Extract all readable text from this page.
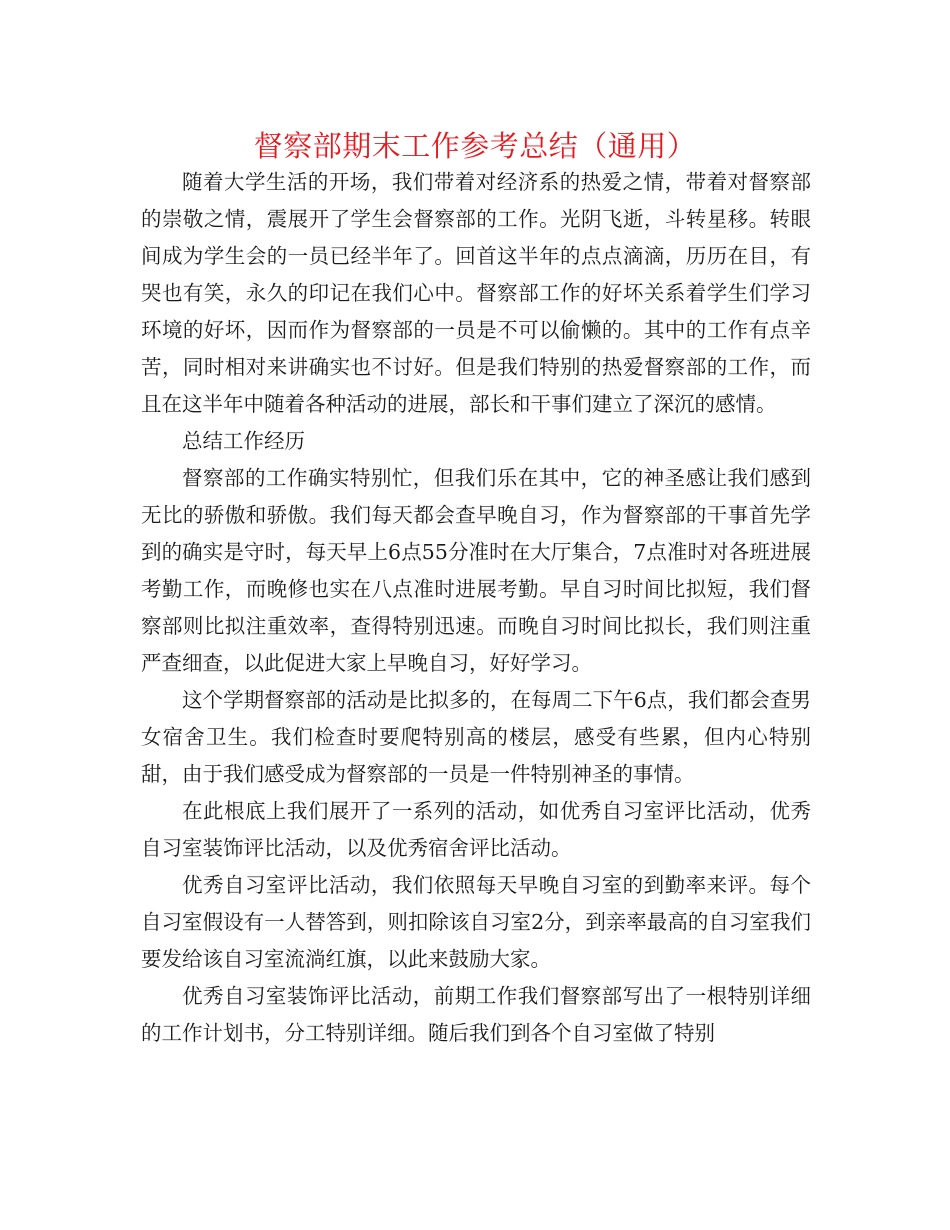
督察部期末工作参考总结（通用）

随着大学生活的开场，我们带着对经济系的热爱之情，带着对督察部的崇敬之情，震展开了学生会督察部的工作。光阴飞逝，斗转星移。转眼间成为学生会的一员已经半年了。回首这半年的点点滴滴，历历在目，有哭也有笑，永久的印记在我们心中。督察部工作的好坏关系着学生们学习环境的好坏，因而作为督察部的一员是不可以偷懒的。其中的工作有点辛苦，同时相对来讲确实也不讨好。但是我们特别的热爱督察部的工作，而且在这半年中随着各种活动的进展，部长和干事们建立了深沉的感情。

总结工作经历

督察部的工作确实特别忙，但我们乐在其中，它的神圣感让我们感到无比的骄傲和骄傲。我们每天都会查早晚自习，作为督察部的干事首先学到的确实是守时，每天早上6点55分准时在大厅集合，7点准时对各班进展考勤工作，而晚修也实在八点准时进展考勤。早自习时间比拟短，我们督察部则比拟注重效率，查得特别迅速。而晚自习时间比拟长，我们则注重严查细查，以此促进大家上早晚自习，好好学习。

这个学期督察部的活动是比拟多的，在每周二下午6点，我们都会查男女宿舍卫生。我们检查时要爬特别高的楼层，感受有些累，但内心特别甜，由于我们感受成为督察部的一员是一件特别神圣的事情。

在此根底上我们展开了一系列的活动，如优秀自习室评比活动，优秀自习室装饰评比活动，以及优秀宿舍评比活动。

优秀自习室评比活动，我们依照每天早晚自习室的到勤率来评。每个自习室假设有一人替答到，则扣除该自习室2分，到亲率最高的自习室我们要发给该自习室流淌红旗，以此来鼓励大家。

优秀自习室装饰评比活动，前期工作我们督察部写出了一根特别详细的工作计划书，分工特别详细。随后我们到各个自习室做了特别
